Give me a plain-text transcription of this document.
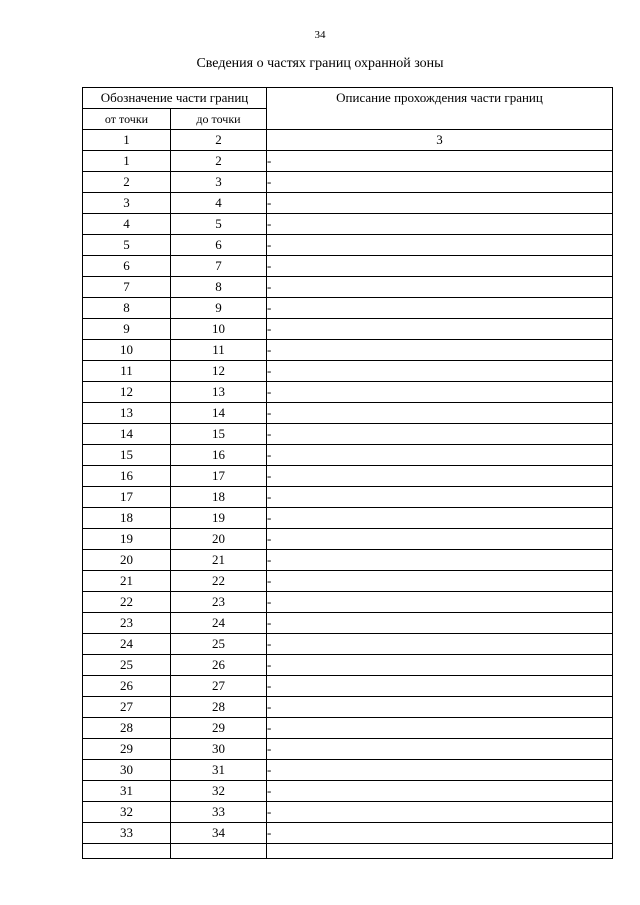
34
Сведения о частях границ охранной зоны
Обозначение части границ		Описание прохождения части границ
от точки	до точки	
1	2	3
1	2	-
2	3	-
3	4	-
4	5	-
5	6	-
6	7	-
7	8	-
8	9	-
9	10	-
10	11	-
11	12	-
12	13	-
13	14	-
14	15	-
15	16	-
16	17	-
17	18	-
18	19	-
19	20	-
20	21	-
21	22	-
22	23	-
23	24	-
24	25	-
25	26	-
26	27	-
27	28	-
28	29	-
29	30	-
30	31	-
31	32	-
32	33	-
33	34	-
